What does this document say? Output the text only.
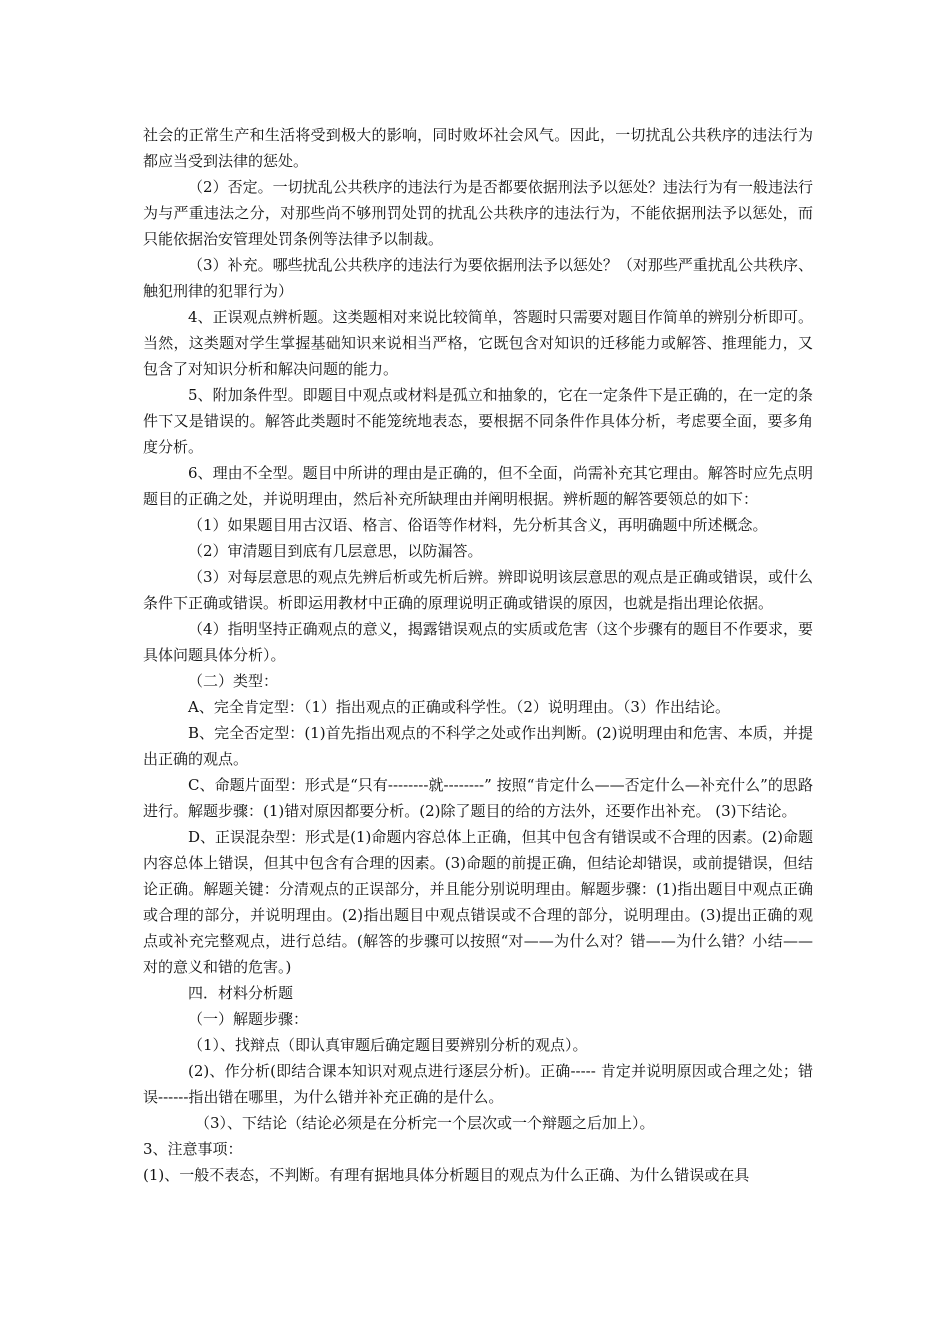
社会的正常生产和生活将受到极大的影响，同时败坏社会风气。因此，一切扰乱公共秩序的违法行为都应当受到法律的惩处。

（2）否定。一切扰乱公共秩序的违法行为是否都要依据刑法予以惩处？违法行为有一般违法行为与严重违法之分，对那些尚不够刑罚处罚的扰乱公共秩序的违法行为，不能依据刑法予以惩处，而只能依据治安管理处罚条例等法律予以制裁。

（3）补充。哪些扰乱公共秩序的违法行为要依据刑法予以惩处？（对那些严重扰乱公共秩序、触犯刑律的犯罪行为）

4、正误观点辨析题。这类题相对来说比较简单，答题时只需要对题目作简单的辨别分析即可。当然，这类题对学生掌握基础知识来说相当严格，它既包含对知识的迁移能力或解答、推理能力，又包含了对知识分析和解决问题的能力。

5、附加条件型。即题目中观点或材料是孤立和抽象的，它在一定条件下是正确的，在一定的条件下又是错误的。解答此类题时不能笼统地表态，要根据不同条件作具体分析，考虑要全面，要多角度分析。

6、理由不全型。题目中所讲的理由是正确的，但不全面，尚需补充其它理由。解答时应先点明题目的正确之处，并说明理由，然后补充所缺理由并阐明根据。辨析题的解答要领总的如下：

（1）如果题目用古汉语、格言、俗语等作材料，先分析其含义，再明确题中所述概念。

（2）审清题目到底有几层意思，以防漏答。

（3）对每层意思的观点先辨后析或先析后辨。辨即说明该层意思的观点是正确或错误，或什么条件下正确或错误。析即运用教材中正确的原理说明正确或错误的原因，也就是指出理论依据。

（4）指明坚持正确观点的意义，揭露错误观点的实质或危害（这个步骤有的题目不作要求，要具体问题具体分析）。

（二）类型：

A、完全肯定型：（1）指出观点的正确或科学性。（2）说明理由。（3）作出结论。

B、完全否定型：(1)首先指出观点的不科学之处或作出判断。(2)说明理由和危害、本质，并提出正确的观点。

C、命题片面型：形式是“只有--------就--------” 按照“肯定什么——否定什么—补充什么”的思路进行。解题步骤：(1)错对原因都要分析。(2)除了题目的给的方法外，还要作出补充。 (3)下结论。

D、正误混杂型：形式是(1)命题内容总体上正确，但其中包含有错误或不合理的因素。(2)命题内容总体上错误，但其中包含有合理的因素。(3)命题的前提正确，但结论却错误，或前提错误，但结论正确。解题关键：分清观点的正误部分，并且能分别说明理由。解题步骤：(1)指出题目中观点正确或合理的部分，并说明理由。(2)指出题目中观点错误或不合理的部分，说明理由。(3)提出正确的观点或补充完整观点，进行总结。(解答的步骤可以按照“对——为什么对？错——为什么错？小结——对的意义和错的危害。)

四．材料分析题

（一）解题步骤：

（1）、找辩点（即认真审题后确定题目要辨别分析的观点）。

(2)、作分析(即结合课本知识对观点进行逐层分析)。正确----- 肯定并说明原因或合理之处；错误------指出错在哪里，为什么错并补充正确的是什么。

（3）、下结论（结论必须是在分析完一个层次或一个辩题之后加上）。

3、注意事项：

(1)、一般不表态，不判断。有理有据地具体分析题目的观点为什么正确、为什么错误或在具
